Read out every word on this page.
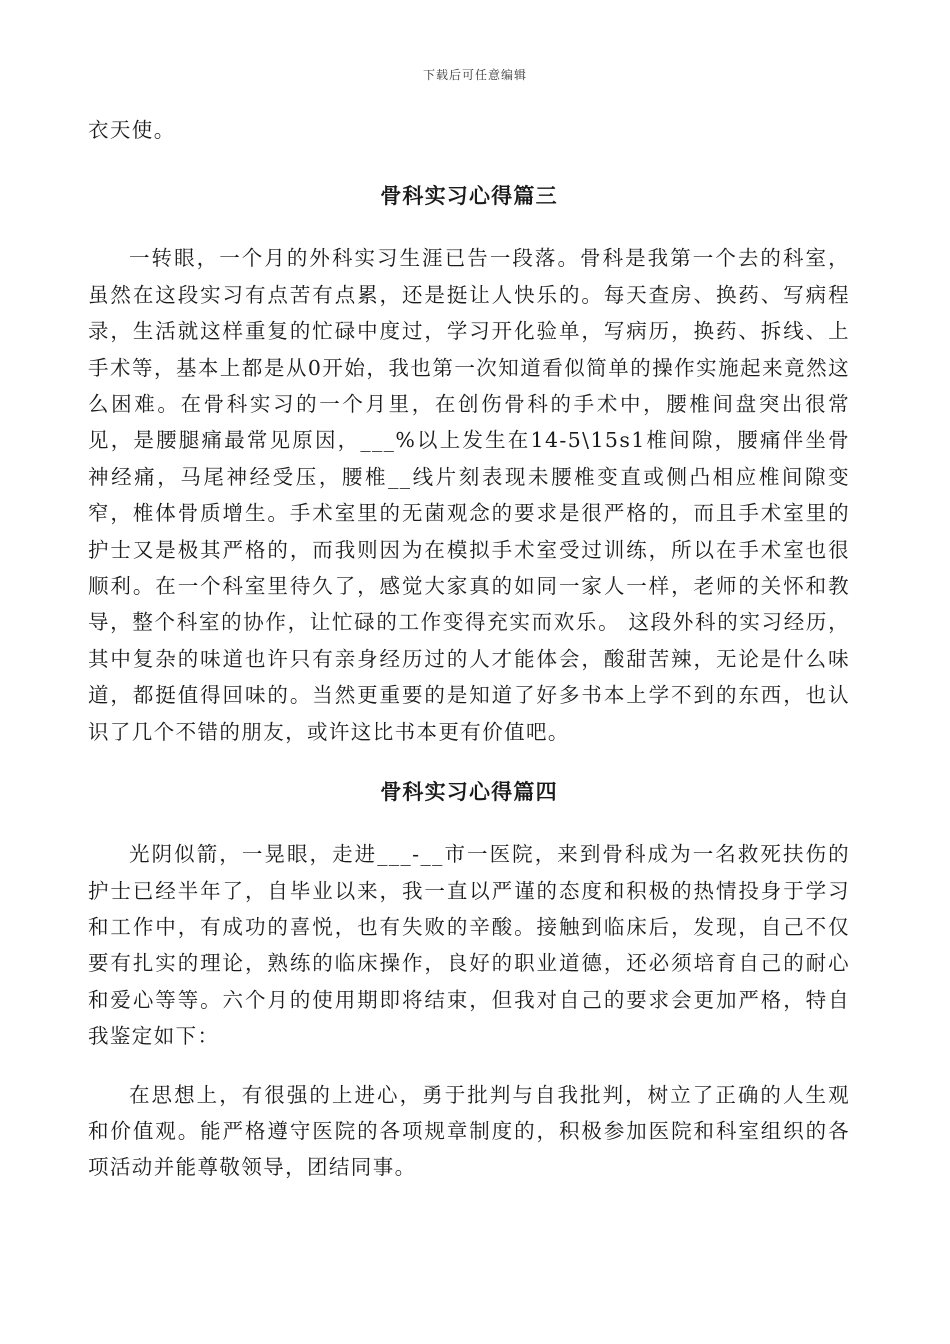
下载后可任意编辑

衣天使。

骨科实习心得篇三

一转眼，一个月的外科实习生涯已告一段落。骨科是我第一个去的科室，虽然在这段实习有点苦有点累，还是挺让人快乐的。每天查房、换药、写病程录，生活就这样重复的忙碌中度过，学习开化验单，写病历，换药、拆线、上手术等，基本上都是从0开始，我也第一次知道看似简单的操作实施起来竟然这么困难。在骨科实习的一个月里，在创伤骨科的手术中，腰椎间盘突出很常见，是腰腿痛最常见原因，___%以上发生在14-5\15s1椎间隙，腰痛伴坐骨神经痛，马尾神经受压，腰椎__线片刻表现未腰椎变直或侧凸相应椎间隙变窄，椎体骨质增生。手术室里的无菌观念的要求是很严格的，而且手术室里的护士又是极其严格的，而我则因为在模拟手术室受过训练，所以在手术室也很顺利。在一个科室里待久了，感觉大家真的如同一家人一样，老师的关怀和教导，整个科室的协作，让忙碌的工作变得充实而欢乐。 这段外科的实习经历，其中复杂的味道也许只有亲身经历过的人才能体会，酸甜苦辣，无论是什么味道，都挺值得回味的。当然更重要的是知道了好多书本上学不到的东西，也认识了几个不错的朋友，或许这比书本更有价值吧。

骨科实习心得篇四

光阴似箭，一晃眼，走进___-__市一医院，来到骨科成为一名救死扶伤的护士已经半年了，自毕业以来，我一直以严谨的态度和积极的热情投身于学习和工作中，有成功的喜悦，也有失败的辛酸。接触到临床后，发现，自己不仅要有扎实的理论，熟练的临床操作，良好的职业道德，还必须培育自己的耐心和爱心等等。六个月的使用期即将结束，但我对自己的要求会更加严格，特自我鉴定如下：

在思想上，有很强的上进心，勇于批判与自我批判，树立了正确的人生观和价值观。能严格遵守医院的各项规章制度的，积极参加医院和科室组织的各项活动并能尊敬领导，团结同事。
